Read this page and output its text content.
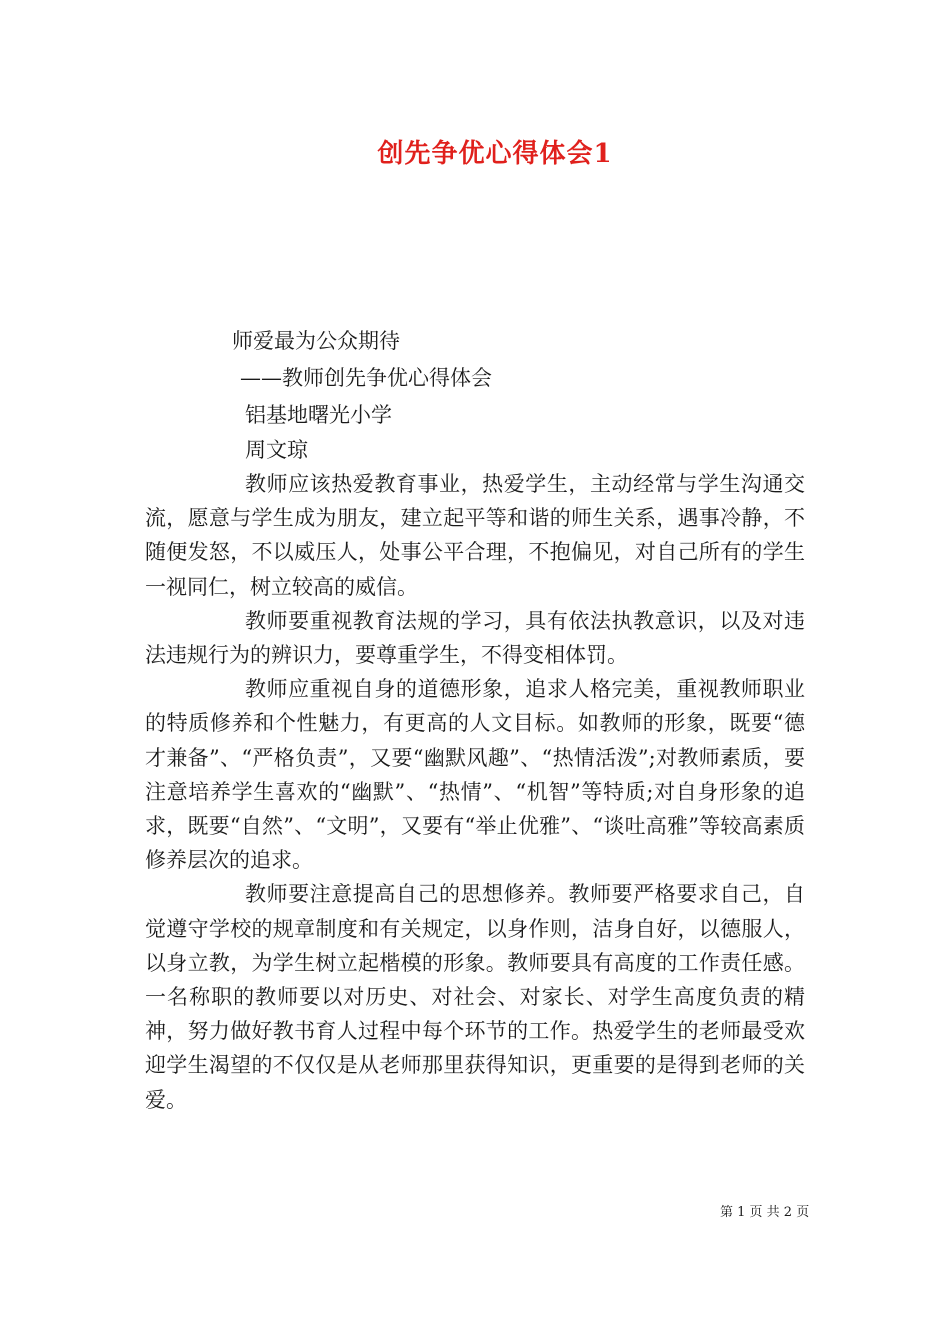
创先争优心得体会1
师爱最为公众期待
——教师创先争优心得体会
铝基地曙光小学
周文琼

教师应该热爱教育事业，热爱学生，主动经常与学生沟通交流，愿意与学生成为朋友，建立起平等和谐的师生关系，遇事冷静，不随便发怒，不以威压人，处事公平合理，不抱偏见，对自己所有的学生一视同仁，树立较高的威信。

教师要重视教育法规的学习，具有依法执教意识，以及对违法违规行为的辨识力，要尊重学生，不得变相体罚。

教师应重视自身的道德形象，追求人格完美，重视教师职业的特质修养和个性魅力，有更高的人文目标。如教师的形象，既要“德才兼备”、“严格负责”，又要“幽默风趣”、“热情活泼”;对教师素质，要注意培养学生喜欢的“幽默”、“热情”、“机智”等特质;对自身形象的追求，既要“自然”、“文明”，又要有“举止优雅”、“谈吐高雅”等较高素质修养层次的追求。

教师要注意提高自己的思想修养。教师要严格要求自己，自觉遵守学校的规章制度和有关规定，以身作则，洁身自好，以德服人，以身立教，为学生树立起楷模的形象。教师要具有高度的工作责任感。一名称职的教师要以对历史、对社会、对家长、对学生高度负责的精神，努力做好教书育人过程中每个环节的工作。热爱学生的老师最受欢迎学生渴望的不仅仅是从老师那里获得知识，更重要的是得到老师的关爱。

第 1 页 共 2 页
